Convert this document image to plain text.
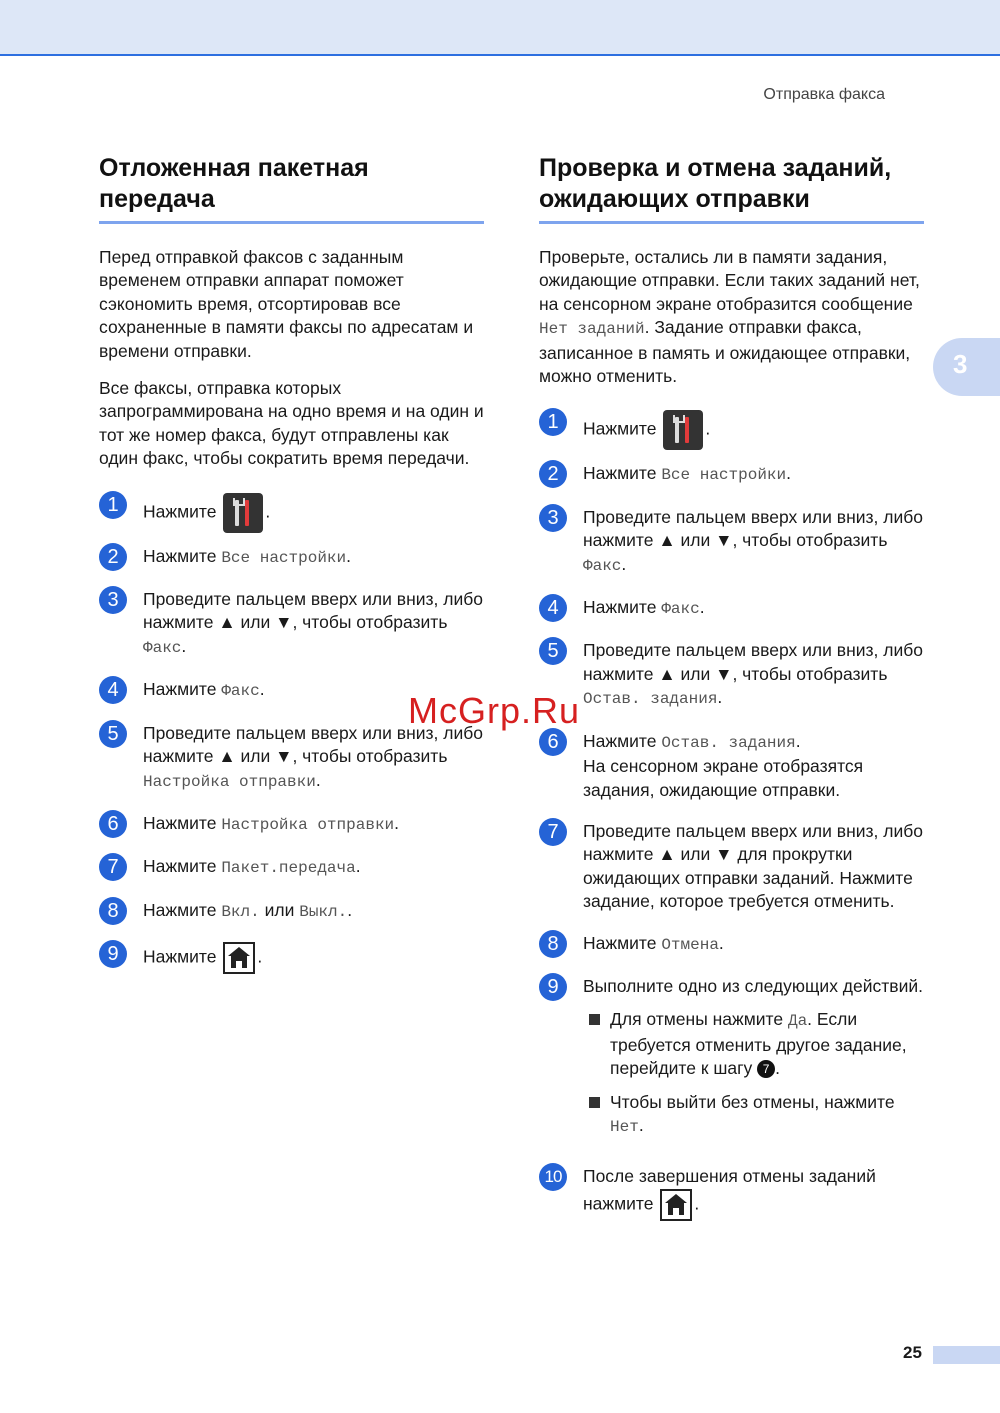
Отправка факса
3
Отложенная пакетная передача

Перед отправкой факсов с заданным временем отправки аппарат поможет сэкономить время, отсортировав все сохраненные в памяти факсы по адресатам и времени отправки.

Все факсы, отправка которых запрограммирована на одно время и на один и тот же номер факса, будут отправлены как один факс, чтобы сократить время передачи.

1	Нажмите	.
2	Нажмите Все настройки.
3	Проведите пальцем вверх или вниз, либо нажмите ▲ или ▼, чтобы отобразить Факс.
4	Нажмите Факс.
5	Проведите пальцем вверх или вниз, либо нажмите ▲ или ▼, чтобы отобразить Настройка отправки.
6	Нажмите Настройка отправки.
7	Нажмите Пакет.передача.
8	Нажмите Вкл. или Выкл..
9	Нажмите .
Проверка и отмена заданий, ожидающих отправки

Проверьте, остались ли в памяти задания, ожидающие отправки. Если таких заданий нет, на сенсорном экране отобразится сообщение Нет заданий. Задание отправки факса, записанное в память и ожидающее отправки, можно отменить.

1	Нажмите	.
2	Нажмите Все настройки.
3	Проведите пальцем вверх или вниз, либо нажмите ▲ или ▼, чтобы отобразить Факс.
4	Нажмите Факс.
5	Проведите пальцем вверх или вниз, либо нажмите ▲ или ▼, чтобы отобразить Остав. задания.
6	Нажмите Остав. задания.
На сенсорном экране отобразятся задания, ожидающие отправки.
7	Проведите пальцем вверх или вниз, либо нажмите ▲ или ▼ для прокрутки ожидающих отправки заданий. Нажмите задание, которое требуется отменить.
8	Нажмите Отмена.
9	Выполните одно из следующих действий.
Для отмены нажмите Да. Если требуется отменить другое задание, перейдите к шагу 7 .
Чтобы выйти без отмены, нажмите Нет.
10	После завершения отмены заданий нажмите .
McGrp.Ru
25
